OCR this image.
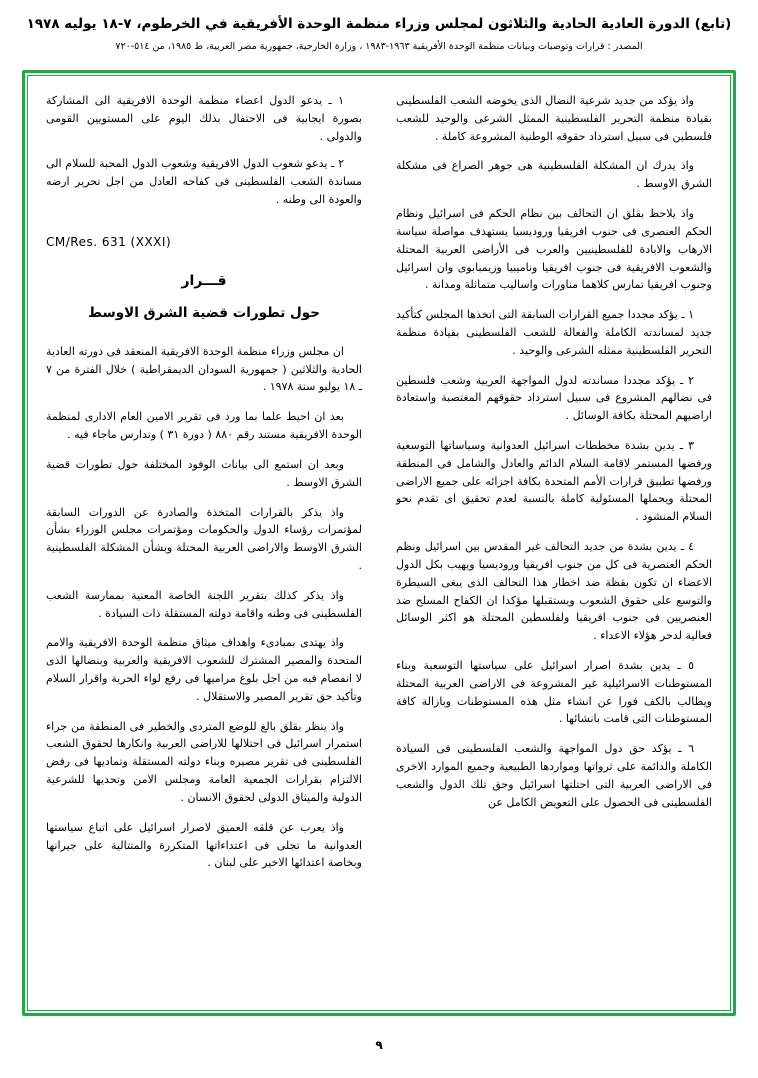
(تابع) الدورة العادية الحادية والثلاثون لمجلس وزراء منظمة الوحدة الأفريقية في الخرطوم، ٧-١٨ يوليه ١٩٧٨
المصدر : قرارات وتوصيات وبيانات منظمة الوحدة الأفريقية ١٩٦٣-١٩٨٣ ، وزارة الخارجية، جمهورية مصر العربية، ط ١٩٨٥، من ٥١٤-٧٢٠

واذ يؤكد من جديد شرعية النضال الذى يخوضه الشعب الفلسطينى بقيادة منظمة التحرير الفلسطينية الممثل الشرعى والوحيد للشعب فلسطين فى سبيل استرداد حقوقه الوطنية المشروعة كاملة .

واذ يدرك ان المشكلة الفلسطينية هى جوهر الصراع فى مشكلة الشرق الاوسط .

واذ يلاحظ بقلق ان التحالف بين نظام الحكم فى اسرائيل ونظام الحكم العنصرى فى جنوب افريقيا وروديسيا يستهدف مواصلة سياسة الارهاب والابادة للفلسطينيين والعرب فى الأراضى العربية المحتلة والشعوب الافريقية فى جنوب افريقيا وناميبيا وزيمبابوى وان اسرائيل وجنوب افريقيا تمارس كلاهما مناورات واساليب متماثلة ومدانة .

١ ـ يؤكد مجددا جميع القرارات السابقة التى اتخذها المجلس كتأكيد جديد لمساندته الكاملة والفعالة للشعب الفلسطينى بقيادة منظمة التحرير الفلسطينية ممثله الشرعى والوحيد .

٢ ـ يؤكد مجددا مساندته لدول المواجهة العربية وشعب فلسطين فى نضالهم المشروع فى سبيل استرداد حقوقهم المغتصبة واستعادة اراضيهم المحتلة بكافة الوسائل .

٣ ـ يدين بشدة مخططات اسرائيل العدوانية وسياساتها التوسعية ورفضها المستمر لاقامة السلام الدائم والعادل والشامل فى المنطقة ورفضها تطبيق قرارات الأمم المتحدة بكافة اجزائه على جميع الاراضى المحتلة ويحملها المسئولية كاملة بالنسبة لعدم تحقيق اى تقدم نحو السلام المنشود .

٤ ـ يدين بشدة من جديد التحالف غير المقدس بين اسرائيل ونظم الحكم العنصرية فى كل من جنوب افريقيا وروديسيا ويهيب بكل الدول الاعضاء ان تكون بقظة ضد اخطار هذا التحالف الذى يبغى السيطرة والتوسع على حقوق الشعوب ويستقبلها مؤكدا ان الكفاح المسلح ضد العنصريين فى جنوب افريقيا ولفلسطين المحتلة هو اكثر الوسائل فعالية لدحر هؤلاء الاعداء .

٥ ـ يدين بشدة اصرار اسرائيل على سياستها التوسعية وبناء المستوطنات الاسرائيلية غير المشروعة فى الاراضى العربية المحتلة ويطالب بالكف فورا عن انشاء مثل هذه المستوطنات وبازالة كافة المستوطنات التى قامت بانشائها .

٦ ـ يؤكد حق دول المواجهة والشعب الفلسطينى فى السيادة الكاملة والدائمة على ثرواتها ومواردها الطبيعية وجميع الموارد الاخرى فى الاراضى العربية التى احتلتها اسرائيل وحق تلك الدول والشعب الفلسطينى فى الحصول على التعويض الكامل عن

١ ـ يدعو الدول اعضاء منظمة الوحدة الافريقية الى المشاركة بصورة ايجابية فى الاحتفال بذلك اليوم على المستويين القومى والدولى .

٢ ـ يدعو شعوب الدول الافريقية وشعوب الدول المحبة للسلام الى مساندة الشعب الفلسطينى فى كفاحه العادل من اجل تحرير ارضه والعودة الى وطنه .

CM/Res. 631 (XXXI)
قـــرار
حول تطورات قضية الشرق الاوسط

ان مجلس وزراء منظمة الوحدة الافريقية المنعقد فى دورته العادية الحادية والثلاثين ( جمهورية السودان الديمقراطية ) خلال الفترة من ٧ ـ ١٨ يوليو سنة ١٩٧٨ .

بعد ان احيط علما بما ورد فى تقرير الامين العام الادارى لمنظمة الوحدة الافريقية مستند رقم ٨٨٠ ( دورة ٣١ ) وتدارس ماجاء فيه .

وبعد ان استمع الى بيانات الوفود المختلفة حول تطورات قضية الشرق الاوسط .

واذ يذكر بالقرارات المتخذة والصادرة عن الدورات السابقة لمؤتمرات رؤساء الدول والحكومات ومؤتمرات مجلس الوزراء بشأن الشرق الاوسط والاراضى العربية المحتلة وبشأن المشكلة الفلسطينية .

واذ يذكر كذلك بتقرير اللجنة الخاصة المعنية بممارسة الشعب الفلسطينى فى وطنه واقامة دولته المستقلة ذات السيادة .

واذ يهتدى بمبادىء واهداف ميثاق منظمة الوحدة الافريقية والامم المتحدة والمصير المشترك للشعوب الافريقية والعربية وبنضالها الذى لا انفصام فيه من اجل بلوغ مراميها فى رفع لواء الحرية واقرار السلام وتأكيد حق تقرير المصير والاستقلال .

واذ ينظر بقلق بالغ للوضع المتردى والخطير فى المنطقة من جراء استمرار اسرائيل فى احتلالها للاراضى العربية وانكارها لحقوق الشعب الفلسطينى فى تقرير مصيره وبناء دولته المستقلة وتماديها فى رفض الالتزام بقرارات الجمعية العامة ومجلس الامن وتحديها للشرعية الدولية والميثاق الدولى لحقوق الانسان .

واذ يعرب عن قلقه العميق لاصرار اسرائيل على اتباع سياستها العدوانية ما تجلى فى اعتداءاتها المتكررة والمتتالية على جيرانها وبخاصة اعتدائها الاخير على لبنان .

٩
